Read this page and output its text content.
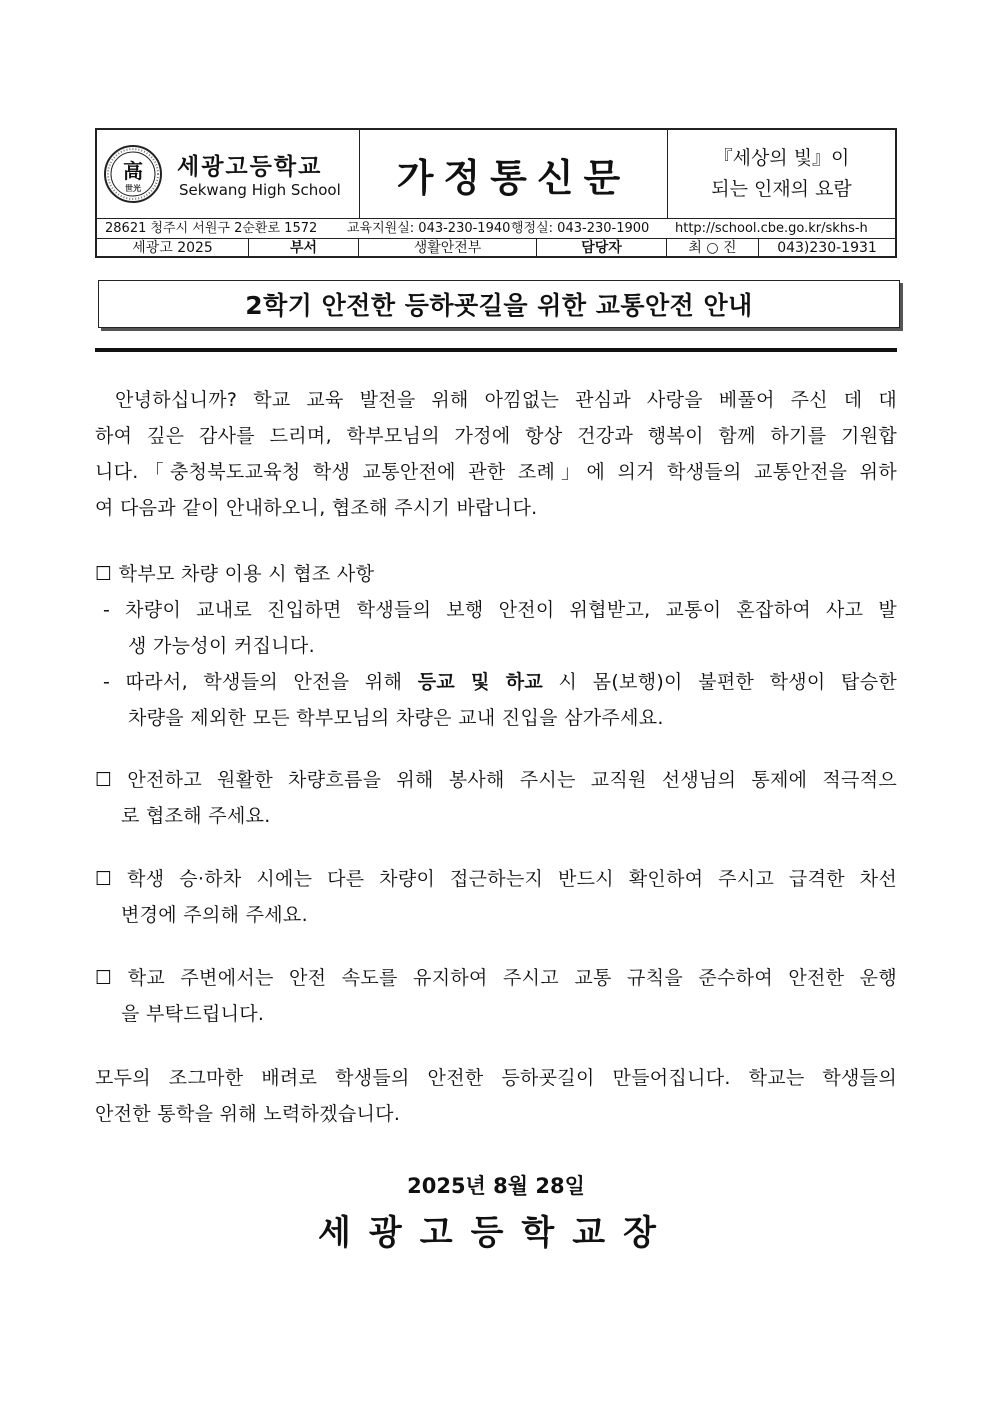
高
世光
세광고등학교
Sekwang High School 가정통신문	『세상의 빛』이
되는 인재의 요람
28621 청주시 서원구 2순환로 1572 교육지원실: 043-230-1940 행정실: 043-230-1900 http://school.cbe.go.kr/skhs-h
세광고 2025	부서	생활안전부	담당자	최 ○ 진	043)230-1931
2학기 안전한 등하굣길을 위한 교통안전 안내
안녕하십니까? 학교 교육 발전을 위해 아낌없는 관심과 사랑을 베풀어 주신 데 대
하여 깊은 감사를 드리며, 학부모님의 가정에 항상 건강과 행복이 함께 하기를 기원합
니다.「충청북도교육청 학생 교통안전에 관한 조례」에 의거 학생들의 교통안전을 위하
여 다음과 같이 안내하오니, 협조해 주시기 바랍니다.
☐ 학부모 차량 이용 시 협조 사항
- 차량이 교내로 진입하면 학생들의 보행 안전이 위협받고, 교통이 혼잡하여 사고 발
생 가능성이 커집니다.
- 따라서, 학생들의 안전을 위해 등교 및 하교 시 몸(보행)이 불편한 학생이 탑승한
차량을 제외한 모든 학부모님의 차량은 교내 진입을 삼가주세요.
☐ 안전하고 원활한 차량흐름을 위해 봉사해 주시는 교직원 선생님의 통제에 적극적으
로 협조해 주세요.
☐ 학생 승·하차 시에는 다른 차량이 접근하는지 반드시 확인하여 주시고 급격한 차선
변경에 주의해 주세요.
☐ 학교 주변에서는 안전 속도를 유지하여 주시고 교통 규칙을 준수하여 안전한 운행
을 부탁드립니다.
모두의 조그마한 배려로 학생들의 안전한 등하굣길이 만들어집니다. 학교는 학생들의
안전한 통학을 위해 노력하겠습니다.
2025년 8월 28일
세광고등학교장
